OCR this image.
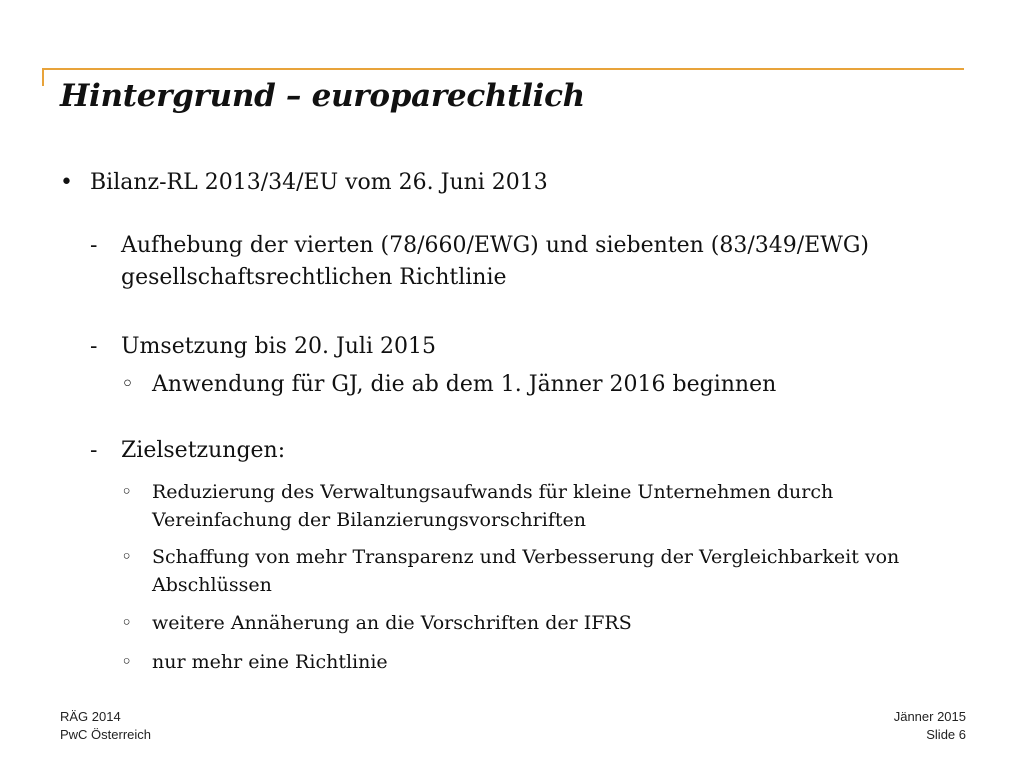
Hintergrund – europarechtlich
• Bilanz-RL 2013/34/EU vom 26. Juni 2013
- Aufhebung der vierten (78/660/EWG) und siebenten (83/349/EWG)
gesellschaftsrechtlichen Richtlinie
- Umsetzung bis 20. Juli 2015
◦ Anwendung für GJ, die ab dem 1. Jänner 2016 beginnen
- Zielsetzungen:
◦ Reduzierung des Verwaltungsaufwands für kleine Unternehmen durch
Vereinfachung der Bilanzierungsvorschriften
◦ Schaffung von mehr Transparenz und Verbesserung der Vergleichbarkeit von
Abschlüssen
◦ weitere Annäherung an die Vorschriften der IFRS
◦ nur mehr eine Richtlinie
RÄG 2014
PwC Österreich
Jänner 2015
Slide 6
